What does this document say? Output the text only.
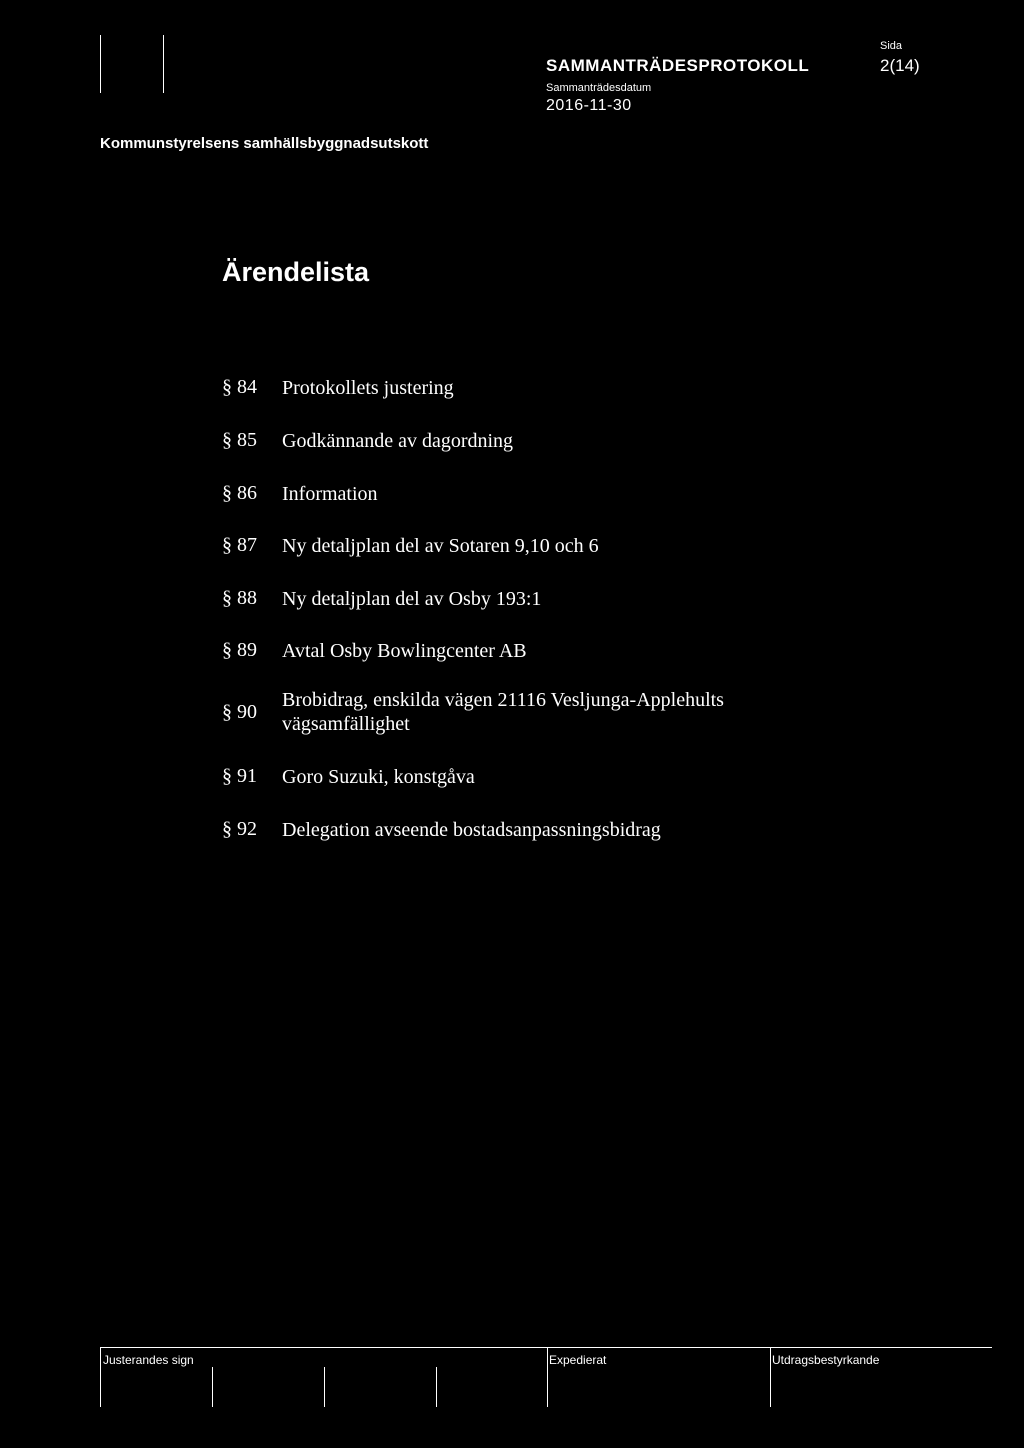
SAMMANTRÄDESPROTOKOLL
Sammanträdesdatum
2016-11-30
Sida
2(14)
Kommunstyrelsens samhällsbyggnadsutskott
Ärendelista
§ 84 Protokollets justering
§ 85 Godkännande av dagordning
§ 86 Information
§ 87 Ny detaljplan del av Sotaren 9,10 och 6
§ 88 Ny detaljplan del av Osby 193:1
§ 89 Avtal Osby Bowlingcenter AB
§ 90
Brobidrag, enskilda vägen 21116 Vesljunga-Applehults vägsamfällighet
§ 91 Goro Suzuki, konstgåva
§ 92 Delegation avseende bostadsanpassningsbidrag
Justerandes sign	Expedierat	Utdragsbestyrkande
